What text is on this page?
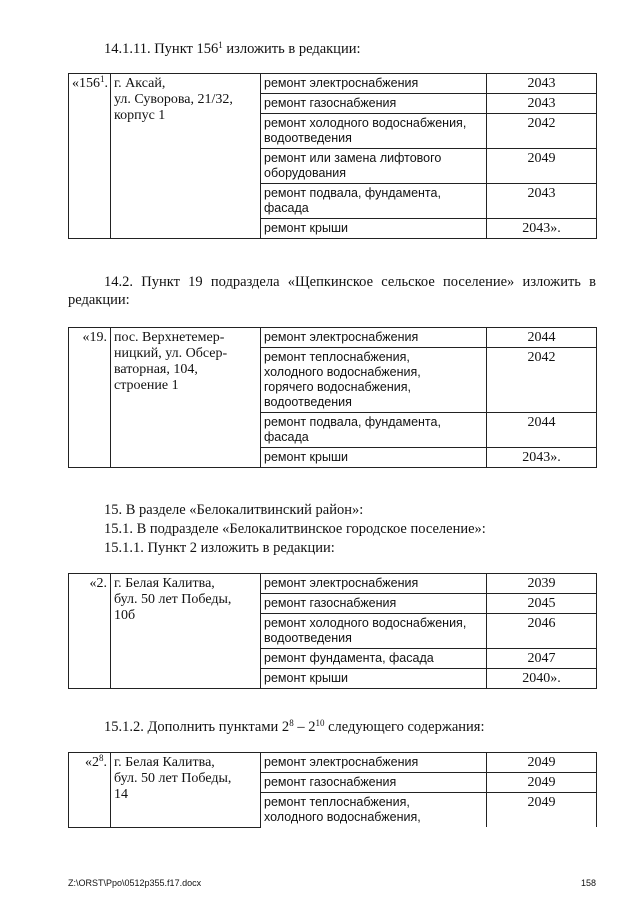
14.1.11. Пункт $156^1$ изложить в редакции:
«$156^1$.	г. Аксай,
ул. Суворова, 21/32,
корпус 1	ремонт электроснабжения	2043
		ремонт газоснабжения	2043

		ремонт холодного водоснабжения,
водоотведения	2042

		ремонт или замена лифтового
оборудования	2049

		ремонт подвала, фундамента,
фасада	2043
		ремонт крыши	2043».
14.2. Пункт 19 подраздела «Щепкинское сельское поселение» изложить в редакции:
«19.	пос. Верхнетемер-
ницкий, ул. Обсер-
ваторная, 104,
строение 1	ремонт электроснабжения	2044

		ремонт теплоснабжения,
холодного водоснабжения,
горячего водоснабжения,
водоотведения	2042

		ремонт подвала, фундамента,
фасада	2044
		ремонт крыши	2043».
15. В разделе «Белокалитвинский район»:
15.1. В подразделе «Белокалитвинское городское поселение»:
15.1.1. Пункт 2 изложить в редакции:
«2.	г. Белая Калитва,
бул. 50 лет Победы,
10б	ремонт электроснабжения	2039
		ремонт газоснабжения	2045

		ремонт холодного водоснабжения,
водоотведения	2046
		ремонт фундамента, фасада	2047
		ремонт крыши	2040».
15.1.2. Дополнить пунктами $2^8 - 2^{10}$ следующего содержания:
«$2^8$.	г. Белая Калитва,
бул. 50 лет Победы,
14	ремонт электроснабжения	2049
		ремонт газоснабжения	2049

		ремонт теплоснабжения,
холодного водоснабжения,	2049
Z:\ORST\Ppo\0512p355.f17.docx	158
